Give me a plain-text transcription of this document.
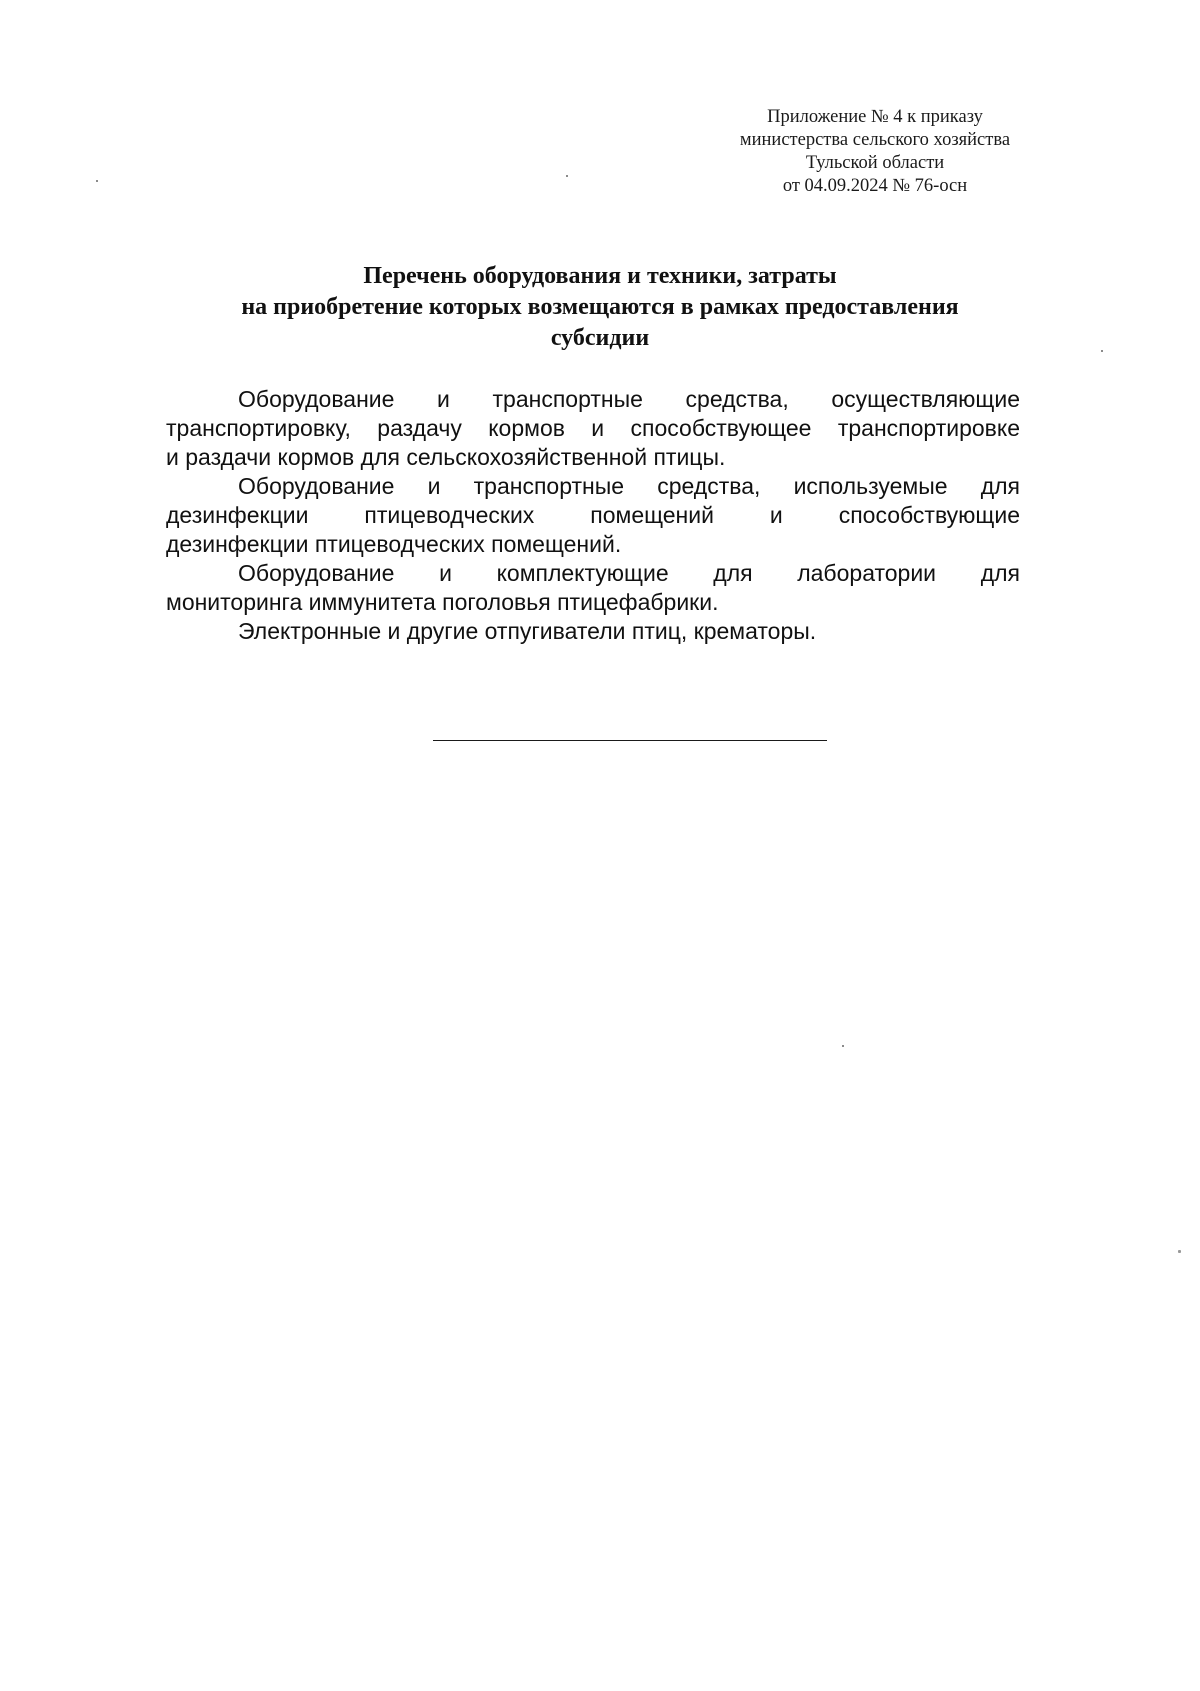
Приложение № 4 к приказу
министерства сельского хозяйства
Тульской области
от 04.09.2024 № 76-осн
Перечень оборудования и техники, затраты
на приобретение которых возмещаются в рамках предоставления
субсидии
Оборудование и транспортные средства, осуществляющие
транспортировку, раздачу кормов и способствующее транспортировке
и раздачи кормов для сельскохозяйственной птицы.
Оборудование и транспортные средства, используемые для
дезинфекции птицеводческих помещений и способствующие
дезинфекции птицеводческих помещений.
Оборудование и комплектующие для лаборатории для
мониторинга иммунитета поголовья птицефабрики.
Электронные и другие отпугиватели птиц, крематоры.
